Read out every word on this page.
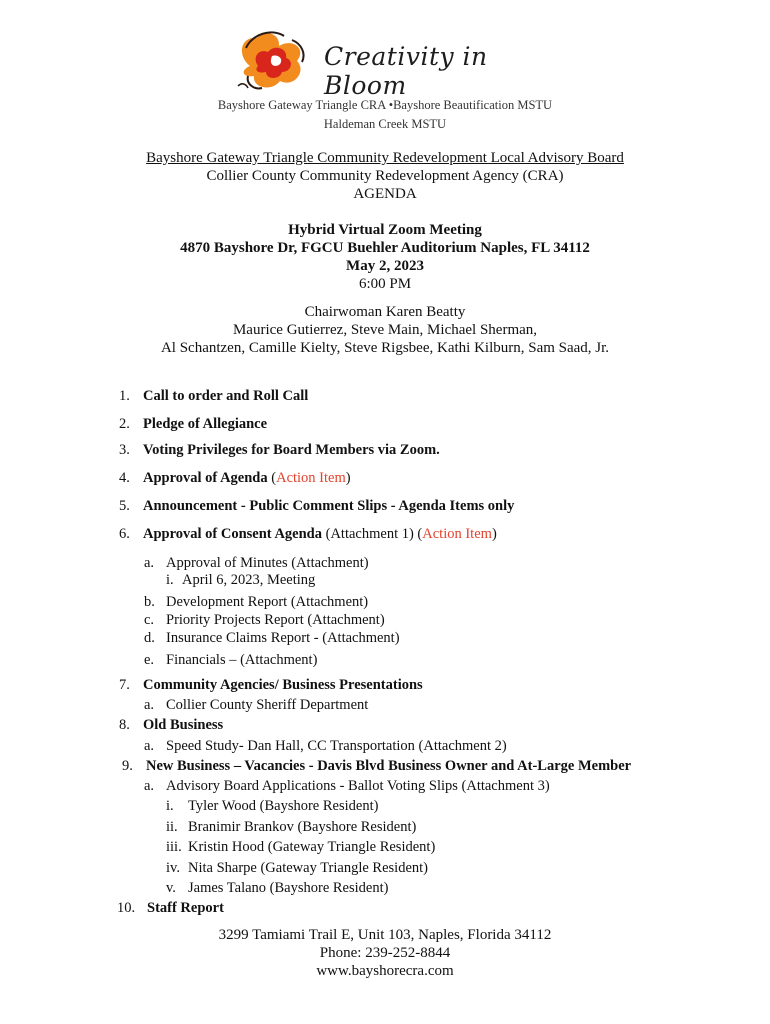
Creativity in Bloom
Bayshore Gateway Triangle CRA •Bayshore Beautification MSTU
Haldeman Creek MSTU
Bayshore Gateway Triangle Community Redevelopment Local Advisory Board
Collier County Community Redevelopment Agency (CRA)
AGENDA
Hybrid Virtual Zoom Meeting
4870 Bayshore Dr, FGCU Buehler Auditorium Naples, FL 34112
May 2, 2023
6:00 PM
Chairwoman Karen Beatty
Maurice Gutierrez, Steve Main, Michael Sherman,
Al Schantzen, Camille Kielty, Steve Rigsbee, Kathi Kilburn, Sam Saad, Jr.
1. Call to order and Roll Call
2. Pledge of Allegiance
3. Voting Privileges for Board Members via Zoom.
4. Approval of Agenda (Action Item)
5. Announcement - Public Comment Slips - Agenda Items only
6. Approval of Consent Agenda (Attachment 1) (Action Item)
a. Approval of Minutes (Attachment)
i. April 6, 2023, Meeting
b. Development Report (Attachment)
c. Priority Projects Report (Attachment)
d. Insurance Claims Report - (Attachment)
e. Financials – (Attachment)
7. Community Agencies/ Business Presentations
a. Collier County Sheriff Department
8. Old Business
a. Speed Study- Dan Hall, CC Transportation (Attachment 2)
9. New Business – Vacancies - Davis Blvd Business Owner and At-Large Member
a. Advisory Board Applications - Ballot Voting Slips (Attachment 3)
i. Tyler Wood (Bayshore Resident)
ii. Branimir Brankov (Bayshore Resident)
iii. Kristin Hood (Gateway Triangle Resident)
iv. Nita Sharpe (Gateway Triangle Resident)
v. James Talano (Bayshore Resident)
10. Staff Report
3299 Tamiami Trail E, Unit 103, Naples, Florida 34112
Phone: 239-252-8844
www.bayshorecra.com
